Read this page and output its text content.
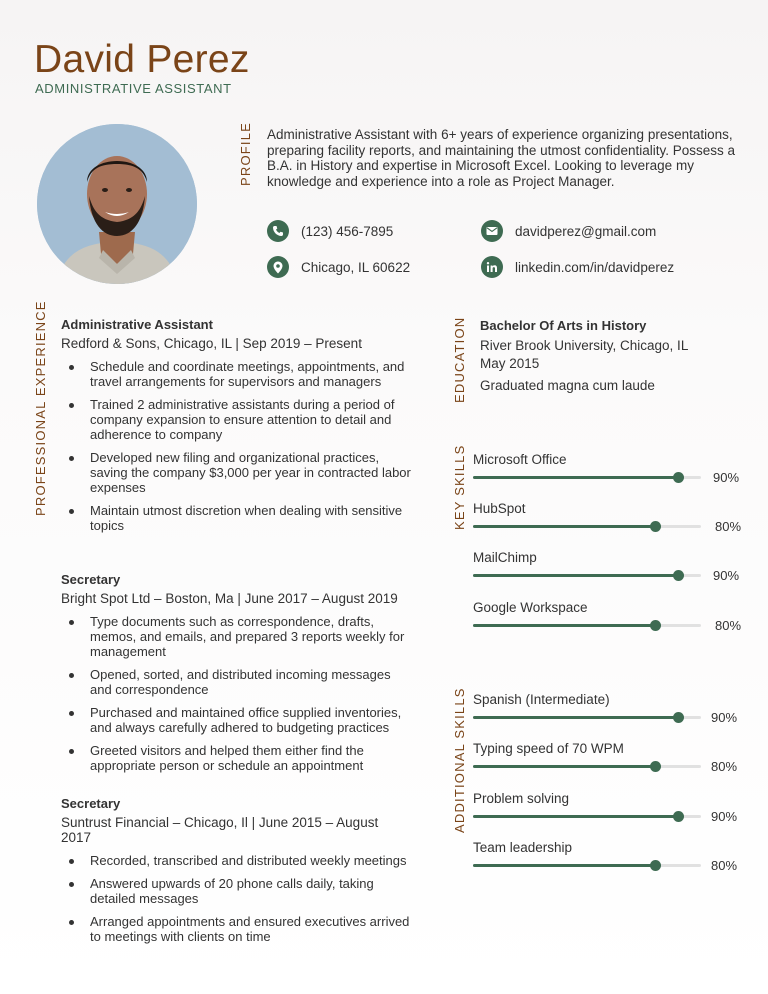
David Perez
ADMINISTRATIVE ASSISTANT
PROFILE Administrative Assistant with 6+ years of experience organizing presentations,
preparing facility reports, and maintaining the utmost confidentiality. Possess a
B.A. in History and expertise in Microsoft Excel. Looking to leverage my
knowledge and experience into a role as Project Manager.
(123) 456-7895	davidperez@gmail.com
Chicago, IL 60622	linkedin.com/in/davidperez
PROFESSIONAL EXPERIENCE Administrative Assistant
Redford & Sons, Chicago, IL | Sep 2019 – Present
Schedule and coordinate meetings, appointments, and travel arrangements for supervisors and managers
Trained 2 administrative assistants during a period of company expansion to ensure attention to detail and adherence to company
Developed new filing and organizational practices, saving the company $3,000 per year in contracted labor expenses
Maintain utmost discretion when dealing with sensitive topics
Secretary
Bright Spot Ltd – Boston, Ma | June 2017 – August 2019
Type documents such as correspondence, drafts, memos, and emails, and prepared 3 reports weekly for management
Opened, sorted, and distributed incoming messages and correspondence
Purchased and maintained office supplied inventories, and always carefully adhered to budgeting practices
Greeted visitors and helped them either find the appropriate person or schedule an appointment
Secretary
Suntrust Financial – Chicago, Il | June 2015 – August 2017
Recorded, transcribed and distributed weekly meetings
Answered upwards of 20 phone calls daily, taking detailed messages
Arranged appointments and ensured executives arrived to meetings with clients on time
EDUCATION Bachelor Of Arts in History
River Brook University, Chicago, IL
May 2015
Graduated magna cum laude
KEY SKILLS Microsoft Office
90%
HubSpot
80%
MailChimp
90%
Google Workspace
80%
ADDITIONAL SKILLS Spanish (Intermediate)
90%
Typing speed of 70 WPM
80%
Problem solving
90%
Team leadership
80%
